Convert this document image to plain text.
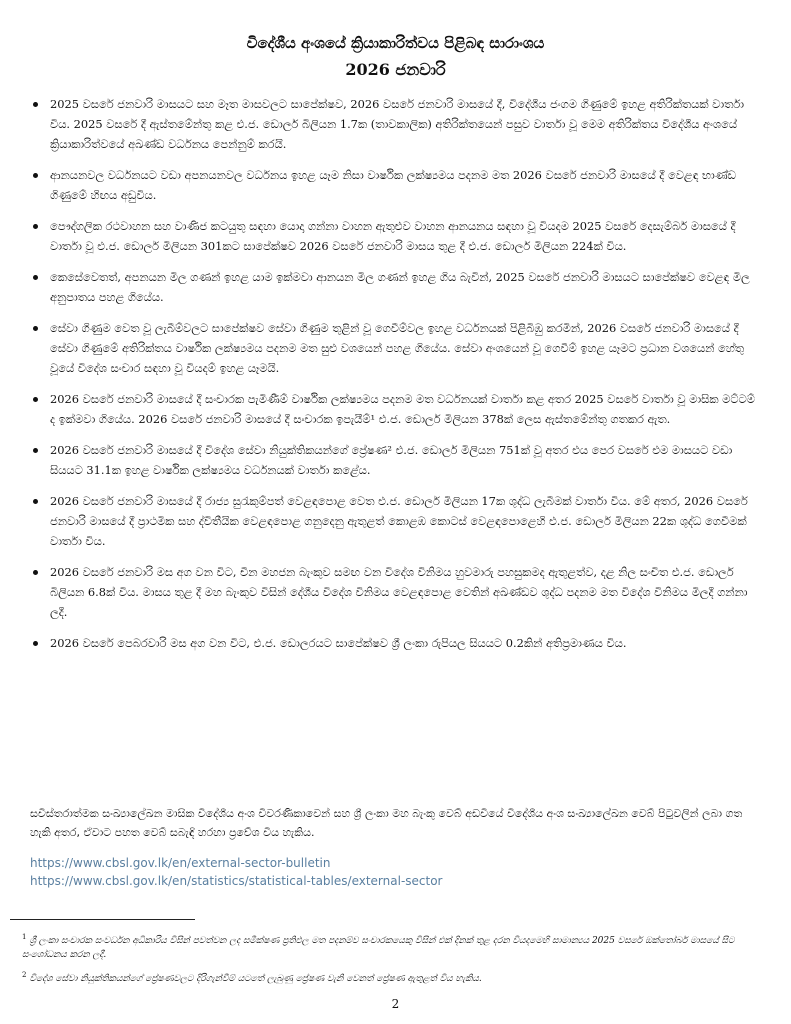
විදේශීය අංශයේ ක්‍රියාකාරිත්වය පිළිබඳ සාරාංශය
2026 ජනවාරි
2025 වසරේ ජනවාරි මාසයට සහ මෑත මාසවලට සාපේක්ෂව, 2026 වසරේ ජනවාරි මාසයේ දී, විදේශීය ජංගම ගිණුමේ ඉහළ අතිරික්තයක් වාර්තා විය. 2025 වසරේ දී ඇස්තමේන්තු කළ එ.ජ. ඩොලර් බිලියන 1.7ක (තාවකාලික) අතිරික්තයෙන් පසුව වාර්තා වූ මෙම අතිරික්තය විදේශීය අංශයේ ක්‍රියාකාරිත්වයේ අඛණ්ඩ වර්ධනය පෙන්නුම් කරයි.
ආනයනවල වර්ධනයට වඩා අපනයනවල වර්ධනය ඉහළ යෑම නිසා වාර්ෂික ලක්ෂ්‍යමය පදනම මත 2026 වසරේ ජනවාරි මාසයේ දී වෙළඳ භාණ්ඩ ගිණුමේ හිඟය අඩුවිය.
පෞද්ගලික රථවාහන සහ වාණිජ කටයුතු සඳහා යොදා ගන්නා වාහන ඇතුළුව වාහන ආනයනය සඳහා වූ වියදම 2025 වසරේ දෙසැම්බර් මාසයේ දී වාර්තා වූ එ.ජ. ඩොලර් මිලියන 301කට සාපේක්ෂව 2026 වසරේ ජනවාරි මාසය තුළ දී එ.ජ. ඩොලර් මිලියන 224ක් විය.
කෙසේවෙතත්, අපනයන මිල ගණන් ඉහළ යාම ඉක්මවා ආනයන මිල ගණන් ඉහළ ගිය බැවින්, 2025 වසරේ ජනවාරි මාසයට සාපේක්ෂව වෙළඳ මිල අනුපාතය පහළ ගියේය.
සේවා ගිණුම වෙත වූ ලැබීම්වලට සාපේක්ෂව සේවා ගිණුම තුළින් වූ ගෙවීම්වල ඉහළ වර්ධනයක් පිළිබිඹු කරමින්, 2026 වසරේ ජනවාරි මාසයේ දී සේවා ගිණුමේ අතිරික්තය වාර්ෂික ලක්ෂ්‍යමය පදනම මත සුළු වශයෙන් පහළ ගියේය. සේවා අංශයෙන් වූ ගෙවීම් ඉහළ යෑමට ප්‍රධාන වශයෙන් හේතු වූයේ විදේශ සංචාර සඳහා වූ වියදම් ඉහළ යෑමයි.
2026 වසරේ ජනවාරි මාසයේ දී සංචාරක පැමිණීම් වාර්ෂික ලක්ෂ්‍යමය පදනම මත වර්ධනයක් වාර්තා කළ අතර 2025 වසරේ වාර්තා වූ මාසික මට්ටම් ද ඉක්මවා ගියේය. 2026 වසරේ ජනවාරි මාසයේ දී සංචාරක ඉපැයීම්¹ එ.ජ. ඩොලර් මිලියන 378ක් ලෙස ඇස්තමේන්තු ගතකර ඇත.
2026 වසරේ ජනවාරි මාසයේ දී විදේශ සේවා නියුක්තිකයන්ගේ ප්‍රේෂණ² එ.ජ. ඩොලර් මිලියන 751ක් වූ අතර එය පෙර වසරේ එම මාසයට වඩා සියයට 31.1ක ඉහළ වාර්ෂික ලක්ෂ්‍යමය වර්ධනයක් වාර්තා කළේය.
2026 වසරේ ජනවාරි මාසයේ දී රාජ්‍ය සුරැකුම්පත් වෙළඳපොළ වෙත එ.ජ. ඩොලර් මිලියන 17ක ශුද්ධ ලැබීමක් වාර්තා විය. මේ අතර, 2026 වසරේ ජනවාරි මාසයේ දී ප්‍රාථමික සහ ද්විතීයික වෙළඳපොළ ගනුදෙනු ඇතුළත් කොළඹ කොටස් වෙළඳපොළෙහි එ.ජ. ඩොලර් මිලියන 22ක ශුද්ධ ගෙවීමක් වාර්තා විය.
2026 වසරේ ජනවාරි මස අග වන විට, චීන මහජන බැංකුව සමඟ වන විදේශ විනිමය හුවමාරු පහසුකමද ඇතුළත්ව, දළ නිල සංචිත එ.ජ. ඩොලර් බිලියන 6.8ක් විය. මාසය තුළ දී මහ බැංකුව විසින් දේශීය විදේශ විනිමය වෙළඳපොළ වෙතින් අඛණ්ඩව ශුද්ධ පදනම මත විදේශ විනිමය මිලදී ගන්නා ලදී.
2026 වසරේ පෙබරවාරි මස අග වන විට, එ.ජ. ඩොලරයට සාපේක්ෂව ශ්‍රී ලංකා රුපියල සියයට 0.2කින් අතිප්‍රමාණය විය.
සවිස්තරාත්මක සංඛ්‍යාලේඛන මාසික විදේශීය අංශ විවරණිකාවෙන් සහ ශ්‍රී ලංකා මහ බැංකු වෙබ් අඩවියේ විදේශීය අංශ සංඛ්‍යාලේඛන වෙබ් පිටුවලින් ලබා ගත හැකි අතර, ඒවාට පහත වෙබ් සබැඳි හරහා ප්‍රවේශ විය හැකිය.
https://www.cbsl.gov.lk/en/external-sector-bulletin
https://www.cbsl.gov.lk/en/statistics/statistical-tables/external-sector
$^1$ ශ්‍රී ලංකා සංචාරක සංවර්ධන අධිකාරිය විසින් පවත්වන ලද සමීක්ෂණ ප්‍රතිඵල මත පදනම්ව සංචාරකයෙකු විසින් එක් දිනක් තුළ දරන වියදමෙහි සාමාන්‍යය 2025 වසරේ ඔක්තෝබර් මාසයේ සිට සංශෝධනය කරන ලදී.
$^2$ විදේශ සේවා නියුක්තිකයන්ගේ ප්‍රේෂණවලට දිරිගැන්වීම් යටතේ ලැබුණු ප්‍රේෂණ වැනි වෙනත් ප්‍රේෂණ ඇතුළත් විය හැකිය.
2
